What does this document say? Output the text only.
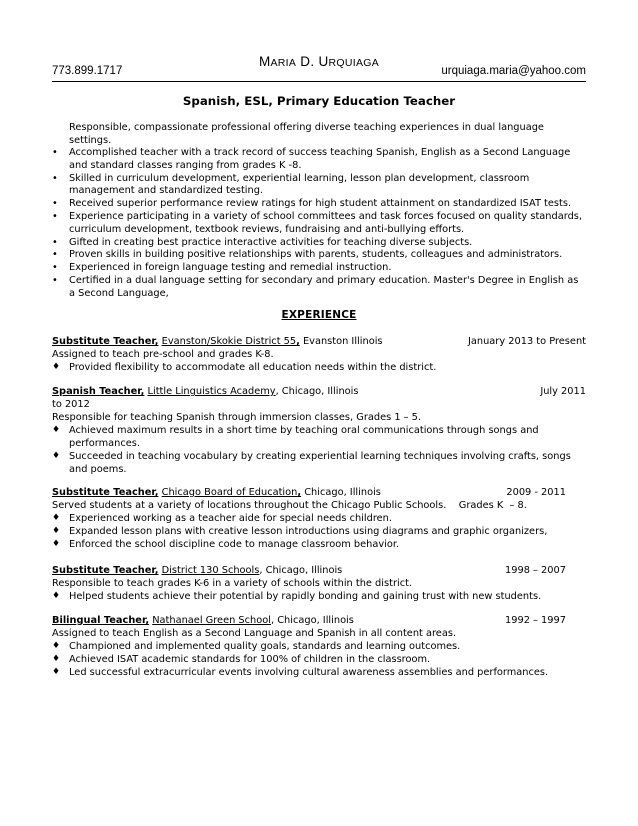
MARIA D. URQUIAGA
773.899.1717	urquiaga.maria@yahoo.com
Spanish, ESL, Primary Education Teacher
Responsible, compassionate professional offering diverse teaching experiences in dual language settings.
•	Accomplished teacher with a track record of success teaching Spanish, English as a Second Language and standard classes ranging from grades K -8.
•	Skilled in curriculum development, experiential learning, lesson plan development, classroom management and standardized testing.
•	Received superior performance review ratings for high student attainment on standardized ISAT tests.
•	Experience participating in a variety of school committees and task forces focused on quality standards, curriculum development, textbook reviews, fundraising and anti-bullying efforts.
•	Gifted in creating best practice interactive activities for teaching diverse subjects.
•	Proven skills in building positive relationships with parents, students, colleagues and administrators.
•	Experienced in foreign language testing and remedial instruction.
•	Certified in a dual language setting for secondary and primary education. Master's Degree in English as a Second Language,
EXPERIENCE
Substitute Teacher, Evanston/Skokie District 55, Evanston Illinois	January 2013 to Present
Assigned to teach pre-school and grades K-8.
♦ Provided flexibility to accommodate all education needs within the district.
Spanish Teacher, Little Linguistics Academy, Chicago, Illinois	July 2011
to 2012
Responsible for teaching Spanish through immersion classes, Grades 1 – 5.
♦ Achieved maximum results in a short time by teaching oral communications through songs and performances.
♦ Succeeded in teaching vocabulary by creating experiential learning techniques involving crafts, songs and poems.
Substitute Teacher, Chicago Board of Education, Chicago, Illinois	2009 - 2011
Served students at a variety of locations throughout the Chicago Public Schools.    Grades K  – 8.
♦ Experienced working as a teacher aide for special needs children.
♦ Expanded lesson plans with creative lesson introductions using diagrams and graphic organizers,
♦ Enforced the school discipline code to manage classroom behavior.
Substitute Teacher, District 130 Schools, Chicago, Illinois	1998 – 2007
Responsible to teach grades K-6 in a variety of schools within the district.
♦ Helped students achieve their potential by rapidly bonding and gaining trust with new students.
Bilingual Teacher, Nathanael Green School, Chicago, Illinois	1992 – 1997
Assigned to teach English as a Second Language and Spanish in all content areas.
♦ Championed and implemented quality goals, standards and learning outcomes.
♦ Achieved ISAT academic standards for 100% of children in the classroom.
♦ Led successful extracurricular events involving cultural awareness assemblies and performances.
